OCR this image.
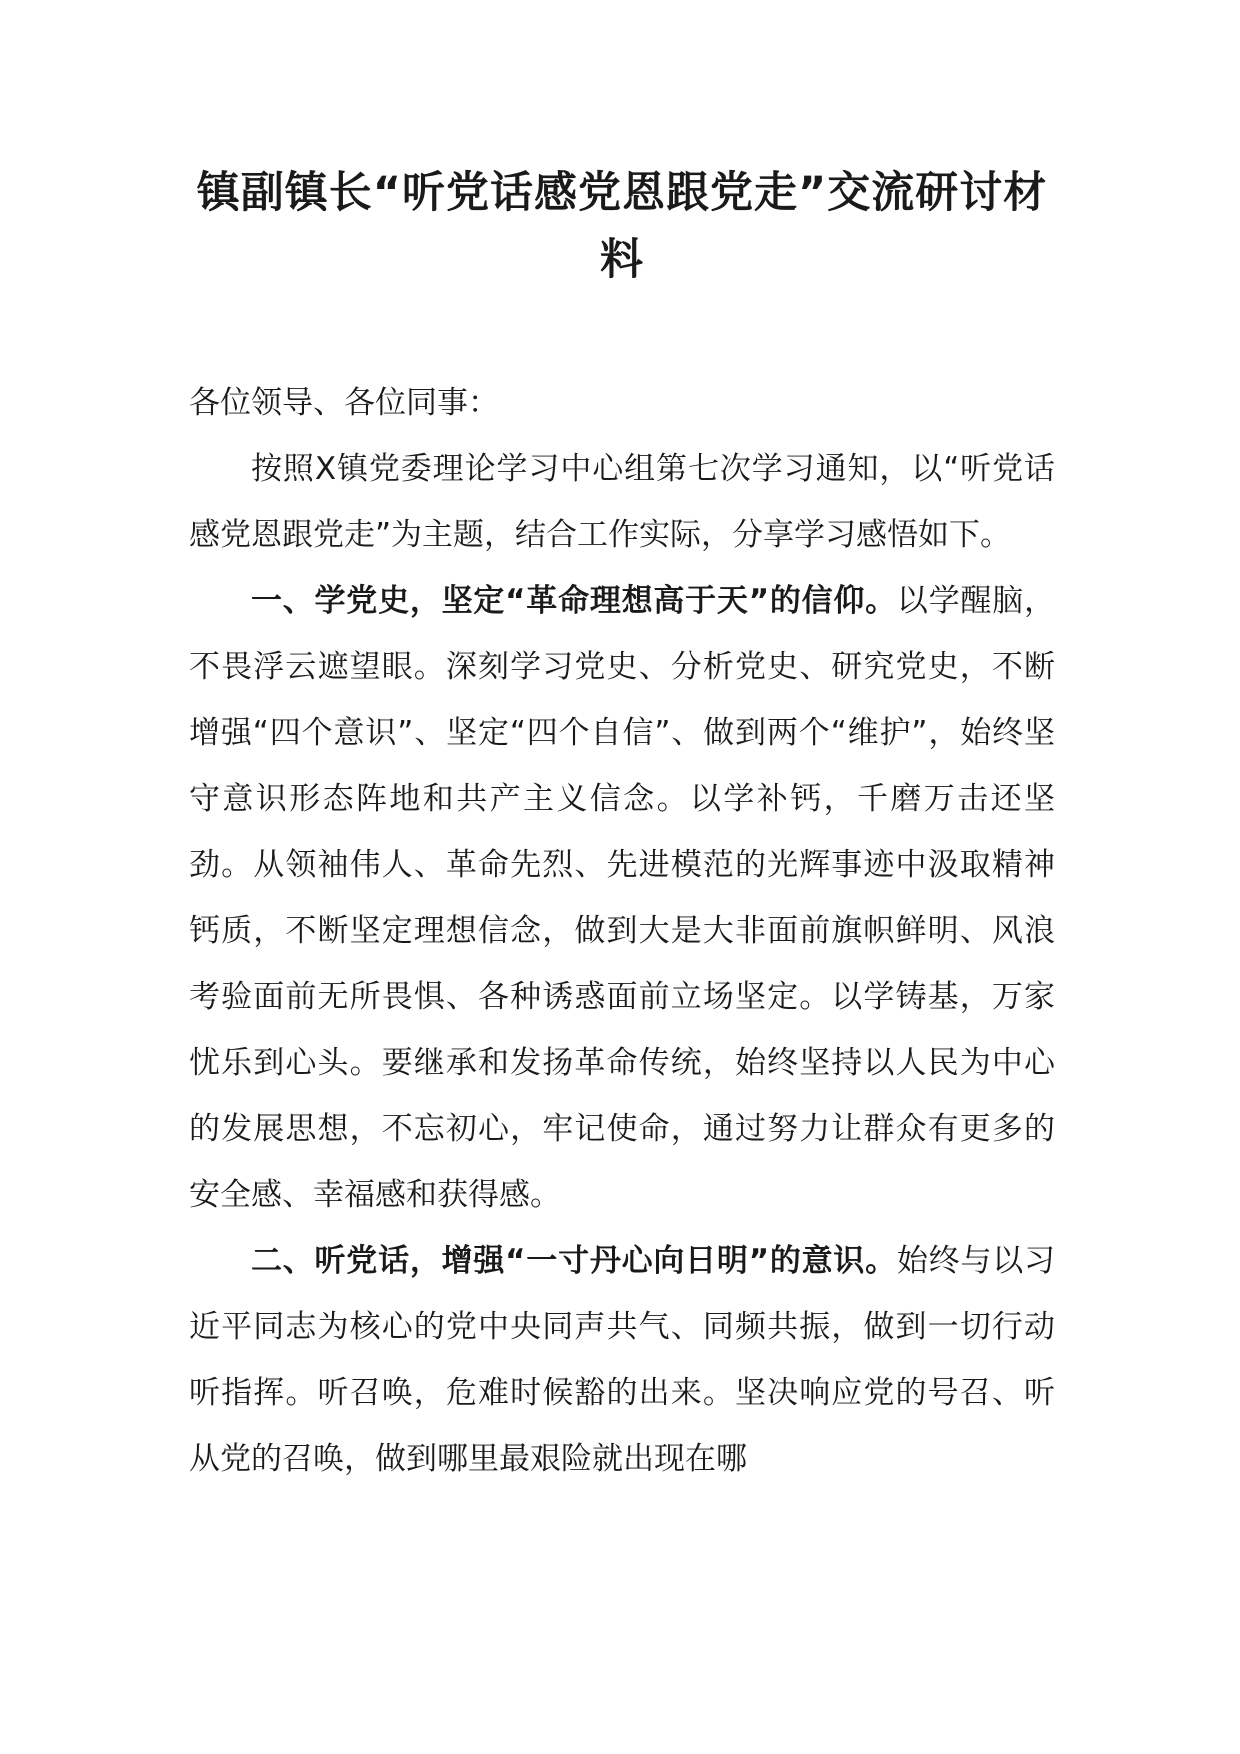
镇副镇长“听党话感党恩跟党走”交流研讨材料

各位领导、各位同事：

按照X镇党委理论学习中心组第七次学习通知，以“听党话感党恩跟党走”为主题，结合工作实际，分享学习感悟如下。

一、学党史，坚定“革命理想高于天”的信仰。以学醒脑，不畏浮云遮望眼。深刻学习党史、分析党史、研究党史，不断增强“四个意识”、坚定“四个自信”、做到两个“维护”，始终坚守意识形态阵地和共产主义信念。以学补钙，千磨万击还坚劲。从领袖伟人、革命先烈、先进模范的光辉事迹中汲取精神钙质，不断坚定理想信念，做到大是大非面前旗帜鲜明、风浪考验面前无所畏惧、各种诱惑面前立场坚定。以学铸基，万家忧乐到心头。要继承和发扬革命传统，始终坚持以人民为中心的发展思想，不忘初心，牢记使命，通过努力让群众有更多的安全感、幸福感和获得感。

二、听党话，增强“一寸丹心向日明”的意识。始终与以习近平同志为核心的党中央同声共气、同频共振，做到一切行动听指挥。听召唤，危难时候豁的出来。坚决响应党的号召、听从党的召唤，做到哪里最艰险就出现在哪
